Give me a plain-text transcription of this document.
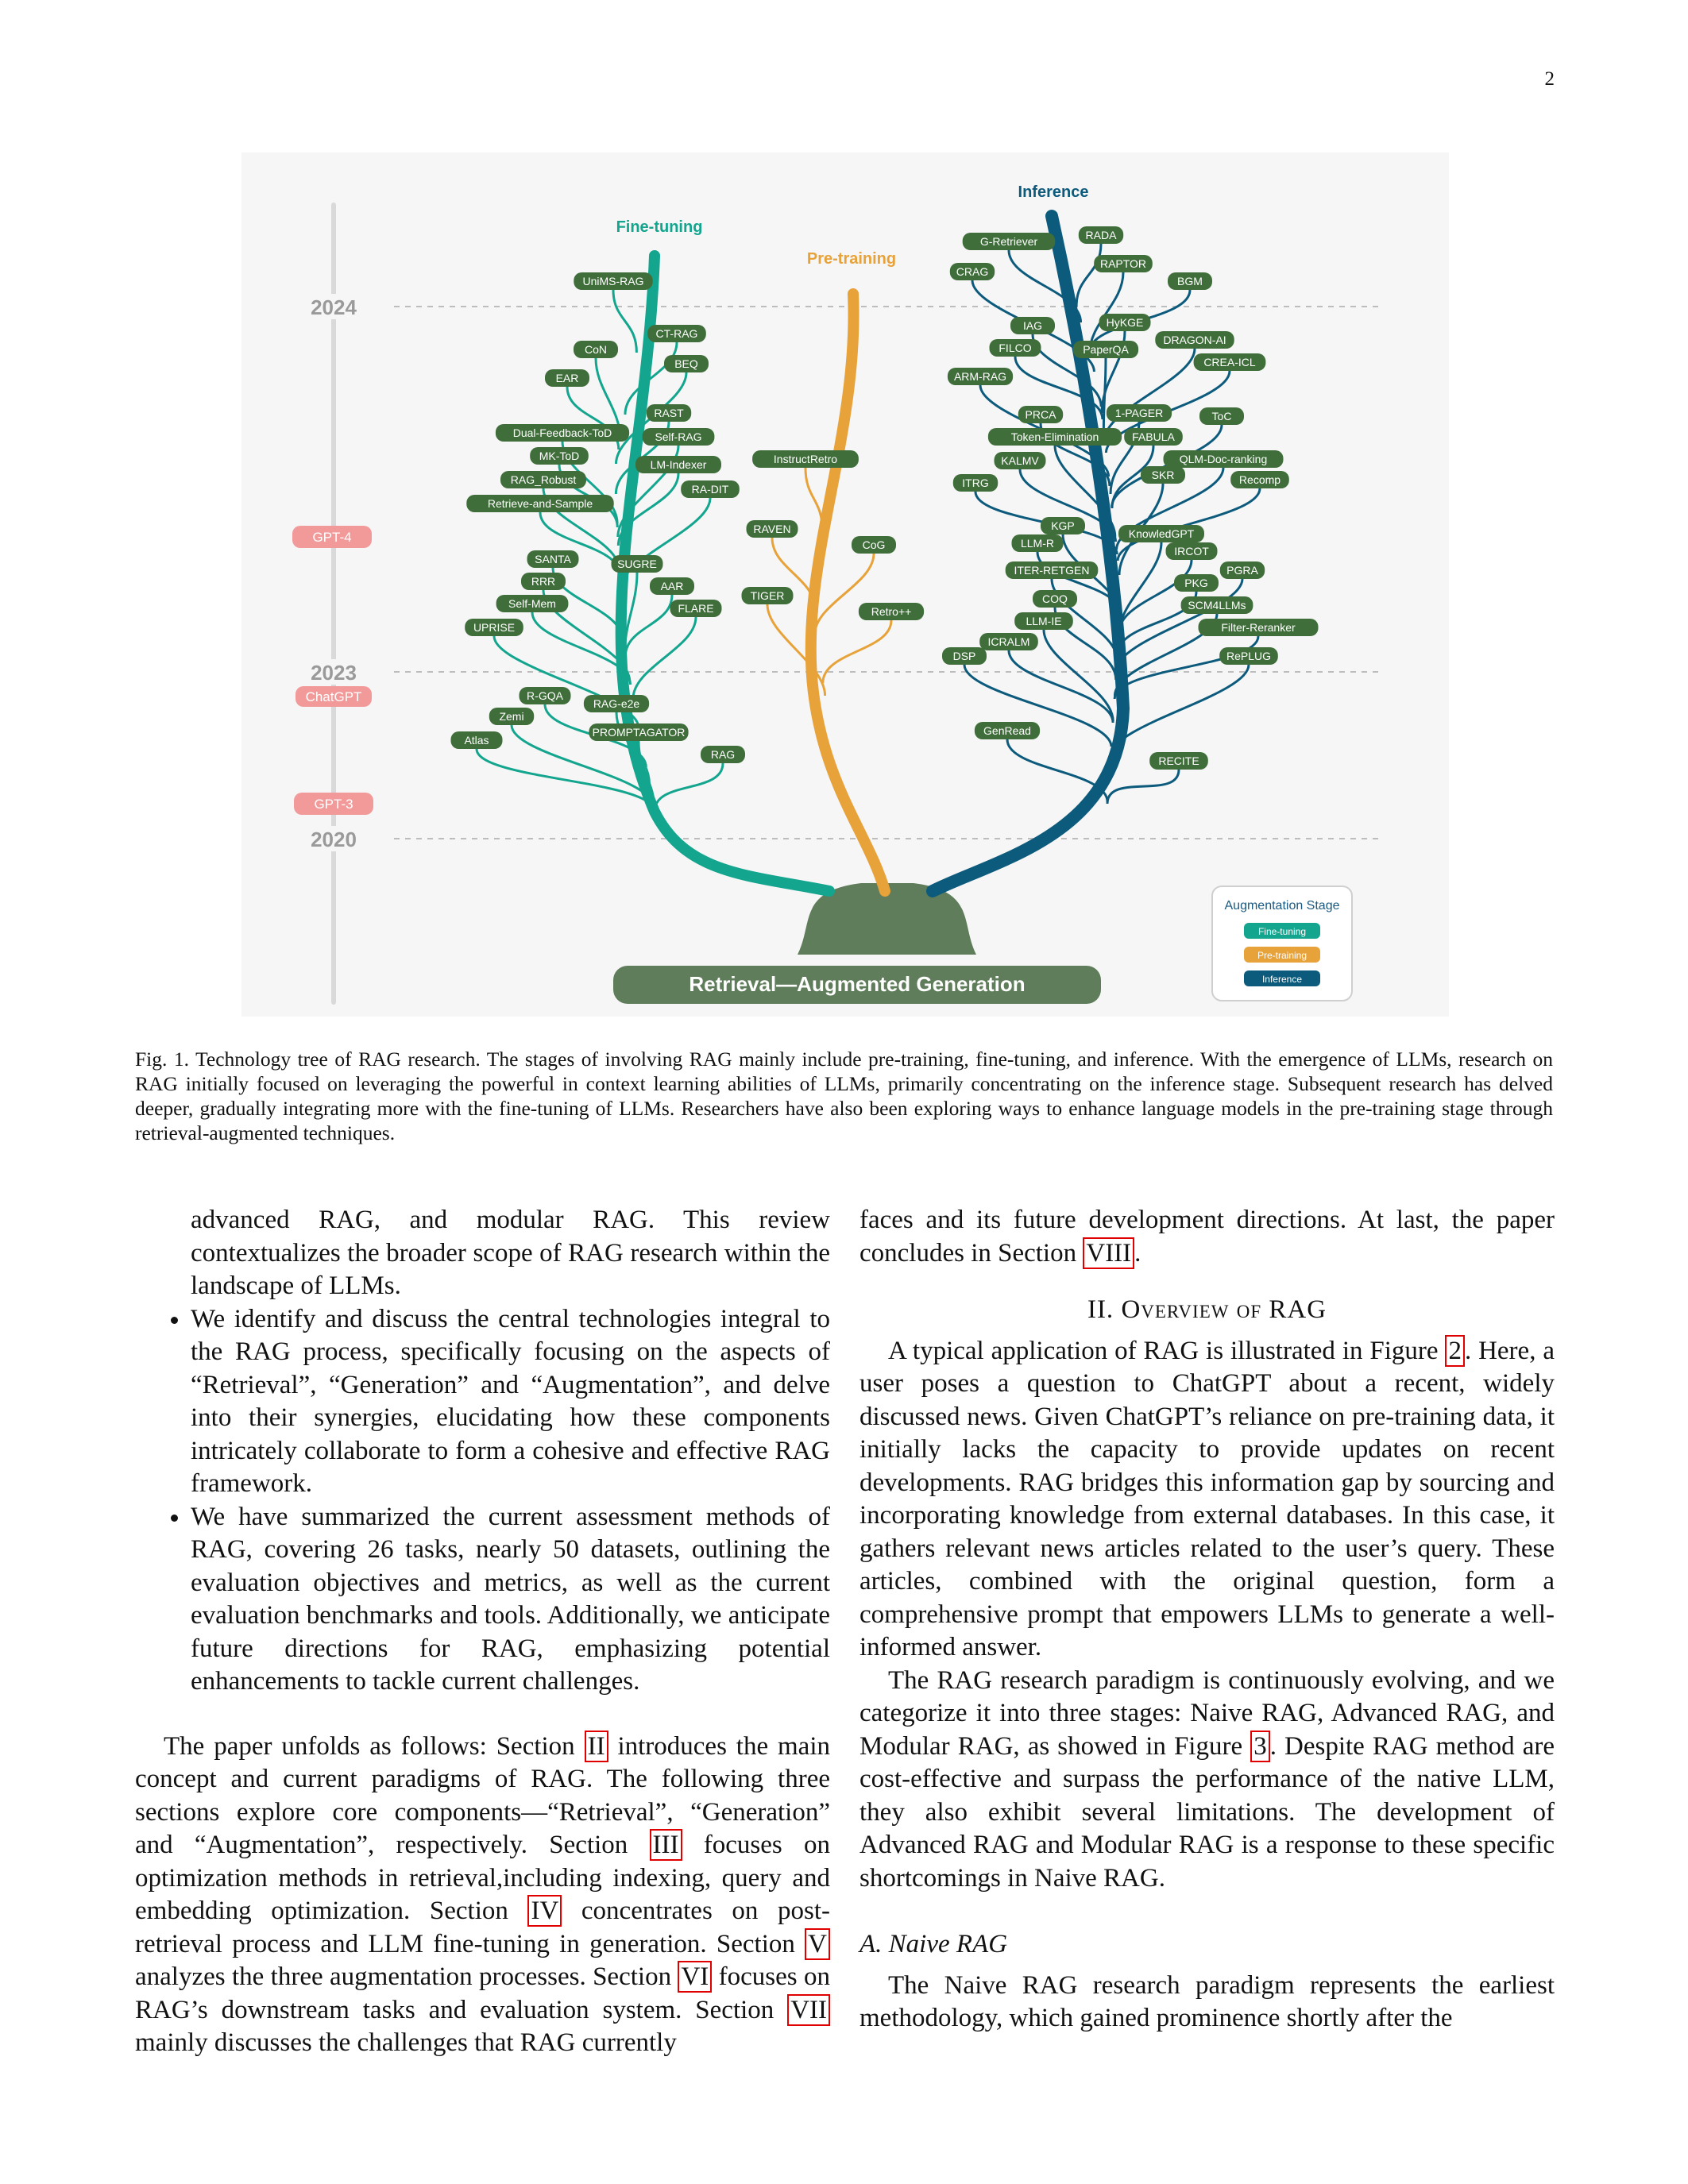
2
2024
2023
2020
GPT-4
ChatGPT
GPT-3
UniMS-RAG
CT-RAG
CoN
BEQ
EAR
RAST
Dual-Feedback-ToD	Self-RAG
MK-ToD
LM-Indexer
RAG_Robust
RA-DIT
Retrieve-and-Sample
SANTA	SUGRE
RRR	AAR
Self-Mem	FLARE
UPRISE
R-GQA
RAG-e2e
Zemi
PROMPTAGATOR
Atlas
RAG
InstructRetro
RAVEN
CoG
TIGER
Retro++
RADA
G-Retriever
RAPTOR
CRAG
BGM
IAG	HyKGE
DRAGON-AI
FILCO	PaperQA
CREA-ICL
ARM-RAG
PRCA	1-PAGER	ToC
Token-Elimination	FABULA
KALMV	QLM-Doc-ranking
SKR
ITRG	Recomp
KGP
KnowledGPT
LLM-R
IRCOT
ITER-RETGEN	PGRA
PKG
COQ	SCM4LLMs
LLM-IE	Filter-Reranker
ICRALM
DSP	RePLUG
GenRead
RECITE
Fine-tuning
Pre-training
Inference
Retrieval—Augmented Generation
Augmentation Stage
Fine-tuning
Pre-training
Inference
Fig. 1. Technology tree of RAG research. The stages of involving RAG mainly include pre-training, fine-tuning, and inference. With the emergence of LLMs, research on RAG initially focused on leveraging the powerful in context learning abilities of LLMs, primarily concentrating on the inference stage. Subsequent research has delved deeper, gradually integrating more with the fine-tuning of LLMs. Researchers have also been exploring ways to enhance language models in the pre-training stage through retrieval-augmented techniques.

advanced RAG, and modular RAG. This review contextualizes the broader scope of RAG research within the landscape of LLMs.

• We identify and discuss the central technologies integral to the RAG process, specifically focusing on the aspects of “Retrieval”, “Generation” and “Augmentation”, and delve into their synergies, elucidating how these components intricately collaborate to form a cohesive and effective RAG framework.
• We have summarized the current assessment methods of RAG, covering 26 tasks, nearly 50 datasets, outlining the evaluation objectives and metrics, as well as the current evaluation benchmarks and tools. Additionally, we anticipate future directions for RAG, emphasizing potential enhancements to tackle current challenges.

The paper unfolds as follows: Section II introduces the main concept and current paradigms of RAG. The following three sections explore core components—“Retrieval”, “Generation” and “Augmentation”, respectively. Section III focuses on optimization methods in retrieval,including indexing, query and embedding optimization. Section IV concentrates on post-retrieval process and LLM fine-tuning in generation. Section V analyzes the three augmentation processes. Section VI focuses on RAG’s downstream tasks and evaluation system. Section VII mainly discusses the challenges that RAG currently

faces and its future development directions. At last, the paper concludes in Section VIII .

II. Overview of RAG

A typical application of RAG is illustrated in Figure 2 . Here, a user poses a question to ChatGPT about a recent, widely discussed news. Given ChatGPT’s reliance on pre-training data, it initially lacks the capacity to provide updates on recent developments. RAG bridges this information gap by sourcing and incorporating knowledge from external databases. In this case, it gathers relevant news articles related to the user’s query. These articles, combined with the original question, form a comprehensive prompt that empowers LLMs to generate a well-informed answer.

The RAG research paradigm is continuously evolving, and we categorize it into three stages: Naive RAG, Advanced RAG, and Modular RAG, as showed in Figure 3 . Despite RAG method are cost-effective and surpass the performance of the native LLM, they also exhibit several limitations. The development of Advanced RAG and Modular RAG is a response to these specific shortcomings in Naive RAG.

A. Naive RAG

The Naive RAG research paradigm represents the earliest methodology, which gained prominence shortly after the
